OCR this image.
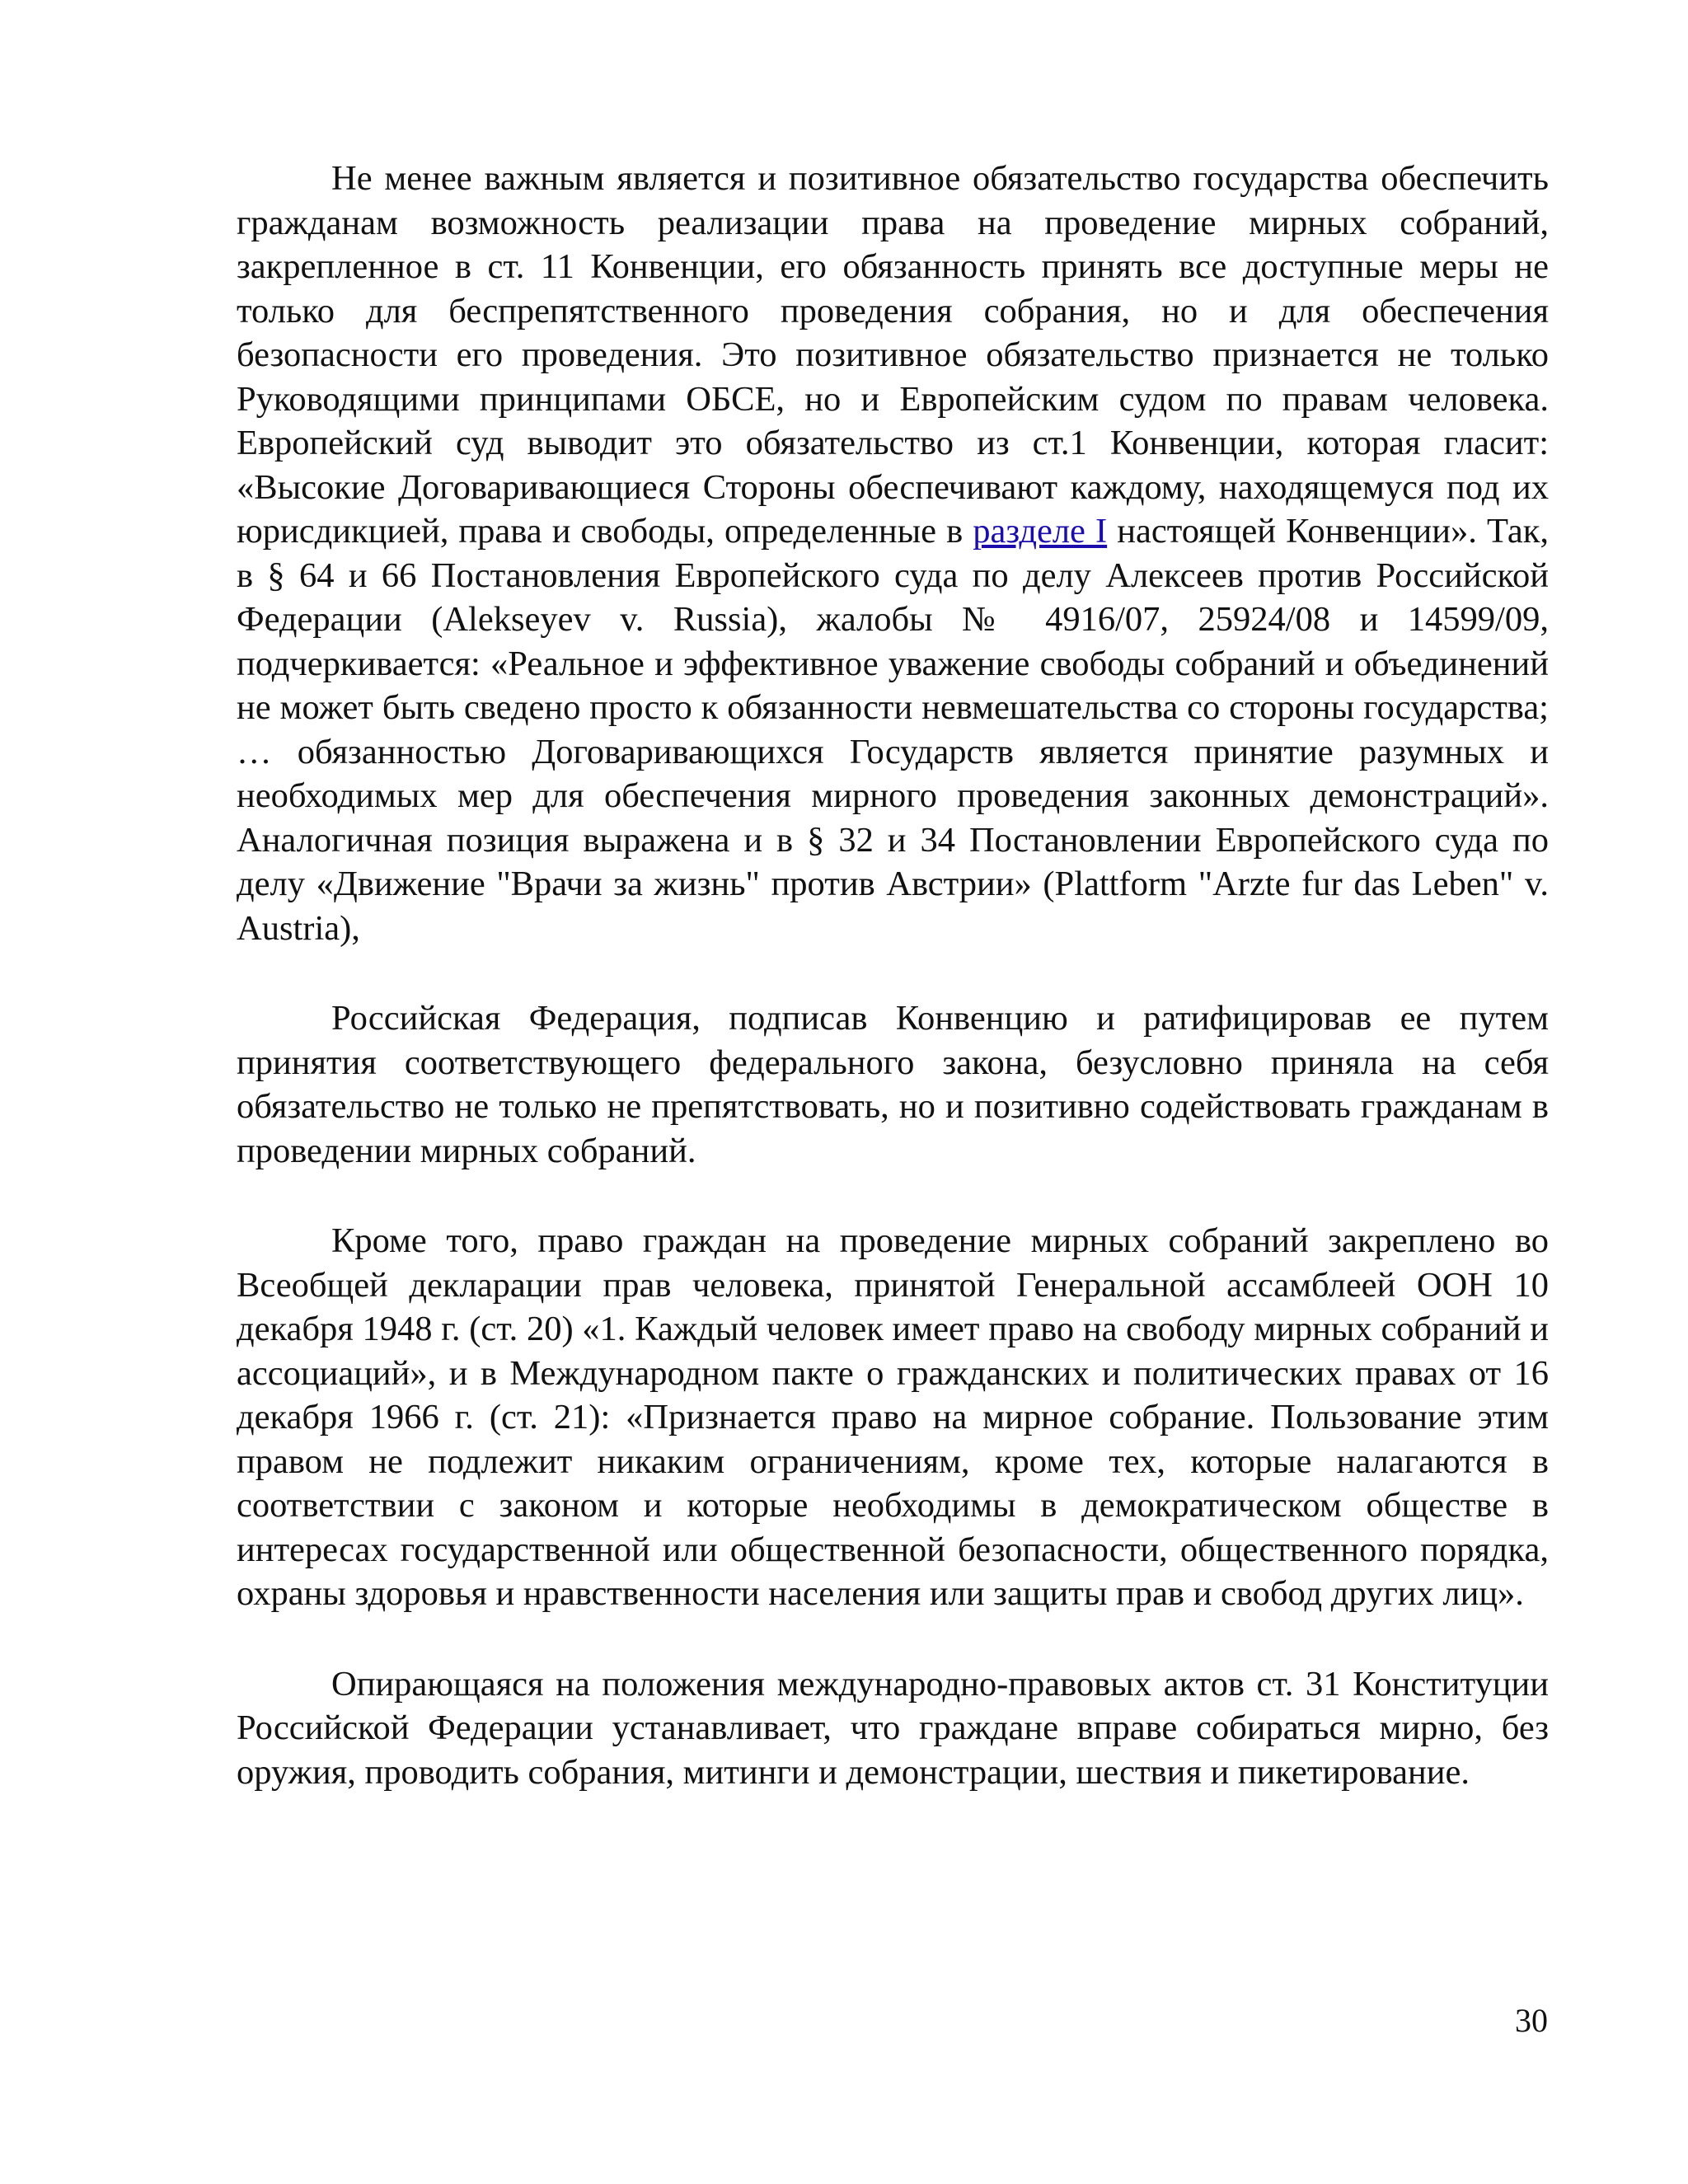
Не менее важным является и позитивное обязательство государства обеспечить гражданам возможность реализации права на проведение мирных собраний, закрепленное в ст. 11 Конвенции, его обязанность принять все доступные меры не только для беспрепятственного проведения собрания, но и для обеспечения безопасности его проведения. Это позитивное обязательство признается не только Руководящими принципами ОБСЕ, но и Европейским судом по правам человека. Европейский суд выводит это обязательство из ст.1 Конвенции, которая гласит: «Высокие Договаривающиеся Стороны обеспечивают каждому, находящемуся под их юрисдикцией, права и свободы, определенные в разделе I настоящей Конвенции». Так, в § 64 и 66 Постановления Европейского суда по делу Алексеев против Российской Федерации (Alekseyev v. Russia), жалобы № 4916/07, 25924/08 и 14599/09, подчеркивается: «Реальное и эффективное уважение свободы собраний и объединений не может быть сведено просто к обязанности невмешательства со стороны государства; … обязанностью Договаривающихся Государств является принятие разумных и необходимых мер для обеспечения мирного проведения законных демонстраций». Аналогичная позиция выражена и в § 32 и 34 Постановлении Европейского суда по делу «Движение "Врачи за жизнь" против Австрии» (Plattform "Arzte fur das Leben" v. Austria),

Российская Федерация, подписав Конвенцию и ратифицировав ее путем принятия соответствующего федерального закона, безусловно приняла на себя обязательство не только не препятствовать, но и позитивно содействовать гражданам в проведении мирных собраний.

Кроме того, право граждан на проведение мирных собраний закреплено во Всеобщей декларации прав человека, принятой Генеральной ассамблеей ООН 10 декабря 1948 г. (ст. 20) «1. Каждый человек имеет право на свободу мирных собраний и ассоциаций», и в Международном пакте о гражданских и политических правах от 16 декабря 1966 г. (ст. 21): «Признается право на мирное собрание. Пользование этим правом не подлежит никаким ограничениям, кроме тех, которые налагаются в соответствии с законом и которые необходимы в демократическом обществе в интересах государственной или общественной безопасности, общественного порядка, охраны здоровья и нравственности населения или защиты прав и свобод других лиц».

Опирающаяся на положения международно-правовых актов ст. 31 Конституции Российской Федерации устанавливает, что граждане вправе собираться мирно, без оружия, проводить собрания, митинги и демонстрации, шествия и пикетирование.

30
